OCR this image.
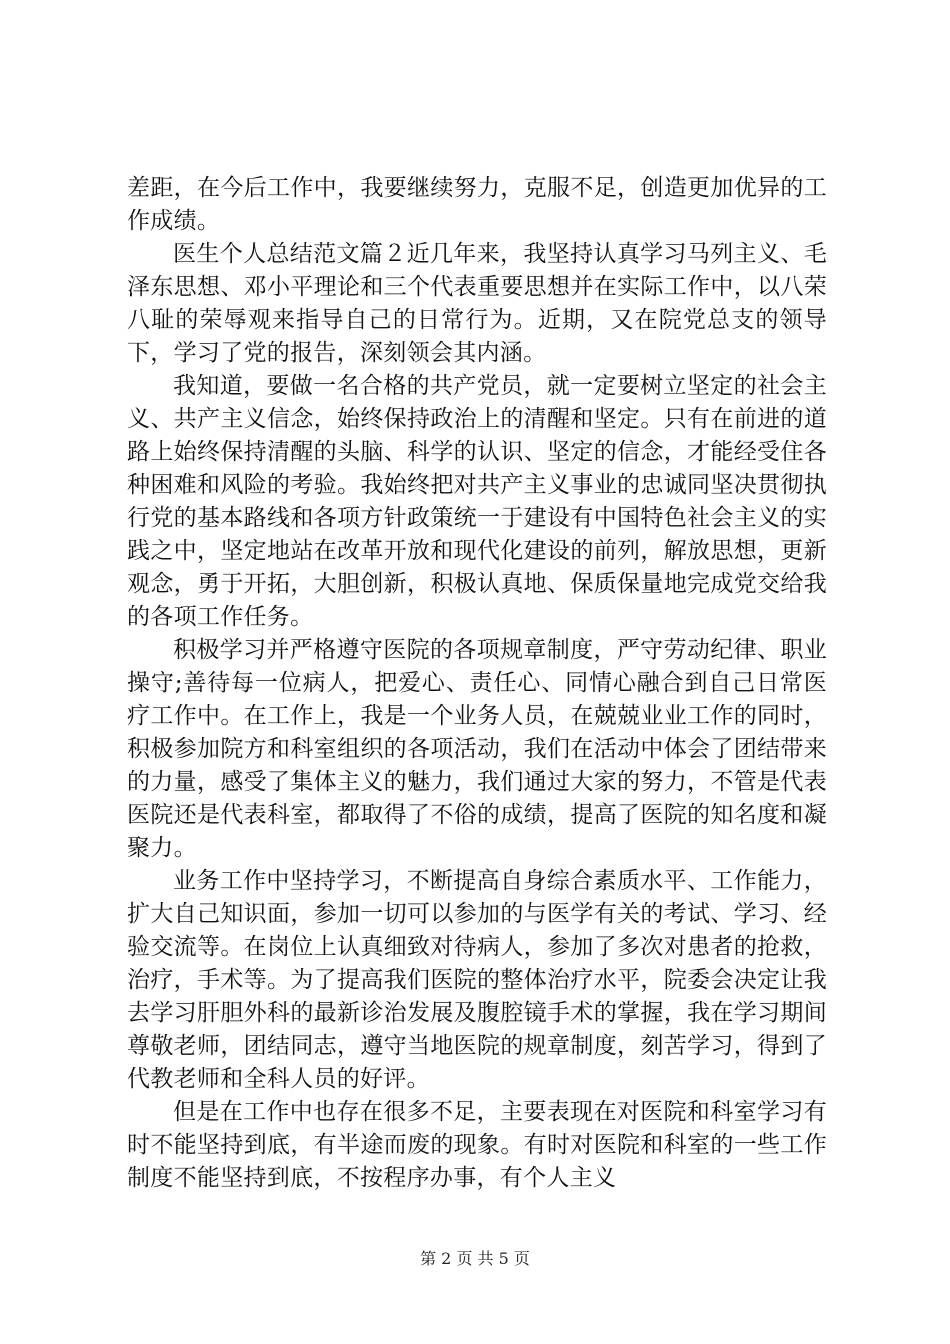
差距，在今后工作中，我要继续努力，克服不足，创造更加优异的工作成绩。

医生个人总结范文篇２近几年来，我坚持认真学习马列主义、毛泽东思想、邓小平理论和三个代表重要思想并在实际工作中，以八荣八耻的荣辱观来指导自己的日常行为。近期，又在院党总支的领导下，学习了党的报告，深刻领会其内涵。

我知道，要做一名合格的共产党员，就一定要树立坚定的社会主义、共产主义信念，始终保持政治上的清醒和坚定。只有在前进的道路上始终保持清醒的头脑、科学的认识、坚定的信念，才能经受住各种困难和风险的考验。我始终把对共产主义事业的忠诚同坚决贯彻执行党的基本路线和各项方针政策统一于建设有中国特色社会主义的实践之中，坚定地站在改革开放和现代化建设的前列，解放思想，更新观念，勇于开拓，大胆创新，积极认真地、保质保量地完成党交给我的各项工作任务。

积极学习并严格遵守医院的各项规章制度，严守劳动纪律、职业操守;善待每一位病人，把爱心、责任心、同情心融合到自己日常医疗工作中。在工作上，我是一个业务人员，在兢兢业业工作的同时，积极参加院方和科室组织的各项活动，我们在活动中体会了团结带来的力量，感受了集体主义的魅力，我们通过大家的努力，不管是代表医院还是代表科室，都取得了不俗的成绩，提高了医院的知名度和凝聚力。

业务工作中坚持学习，不断提高自身综合素质水平、工作能力，扩大自己知识面，参加一切可以参加的与医学有关的考试、学习、经验交流等。在岗位上认真细致对待病人，参加了多次对患者的抢救，治疗，手术等。为了提高我们医院的整体治疗水平，院委会决定让我去学习肝胆外科的最新诊治发展及腹腔镜手术的掌握，我在学习期间尊敬老师，团结同志，遵守当地医院的规章制度，刻苦学习，得到了代教老师和全科人员的好评。

但是在工作中也存在很多不足，主要表现在对医院和科室学习有时不能坚持到底，有半途而废的现象。有时对医院和科室的一些工作制度不能坚持到底，不按程序办事，有个人主义

第 2 页 共 5 页
